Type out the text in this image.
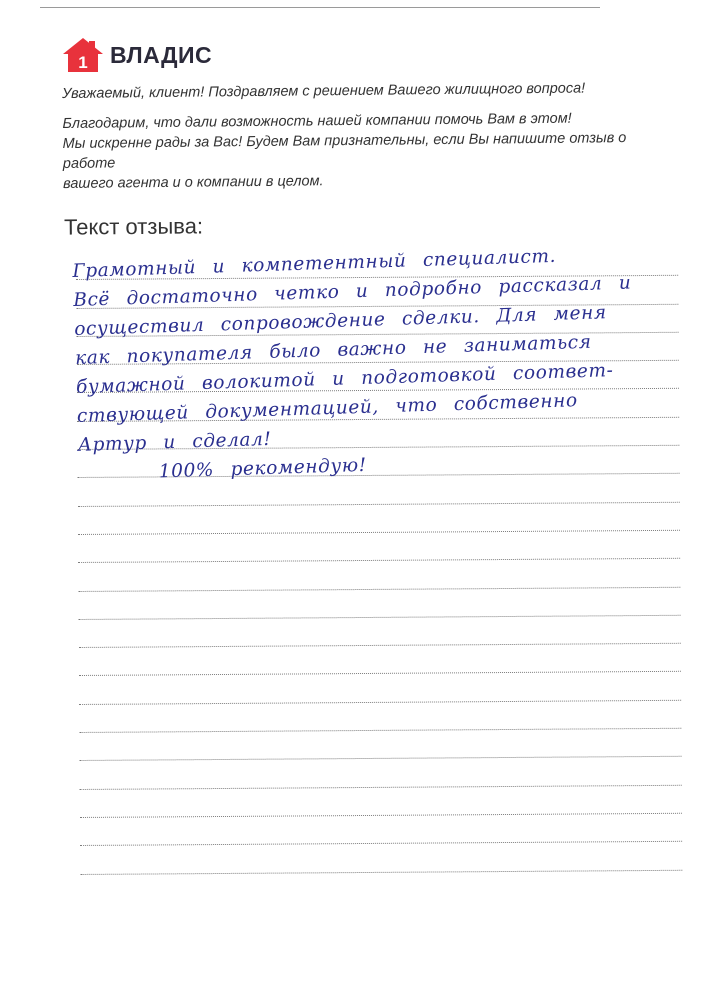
1 ВЛАДИС

Уважаемый, клиент! Поздравляем с решением Вашего жилищного вопроса!

Благодарим, что дали возможность нашей компании помочь Вам в этом!
Мы искренне рады за Вас! Будем Вам признательны, если Вы напишите отзыв о работе
вашего агента и о компании в целом.

Текст отзыва:

Грамотный и компетентный специалист.

Всё достаточно четко и подробно рассказал и

осуществил сопровождение сделки. Для меня

как покупателя было важно не заниматься

бумажной волокитой и подготовкой соответ-

ствующей документацией, что собственно

Артур и сделал!

100% рекомендую!
